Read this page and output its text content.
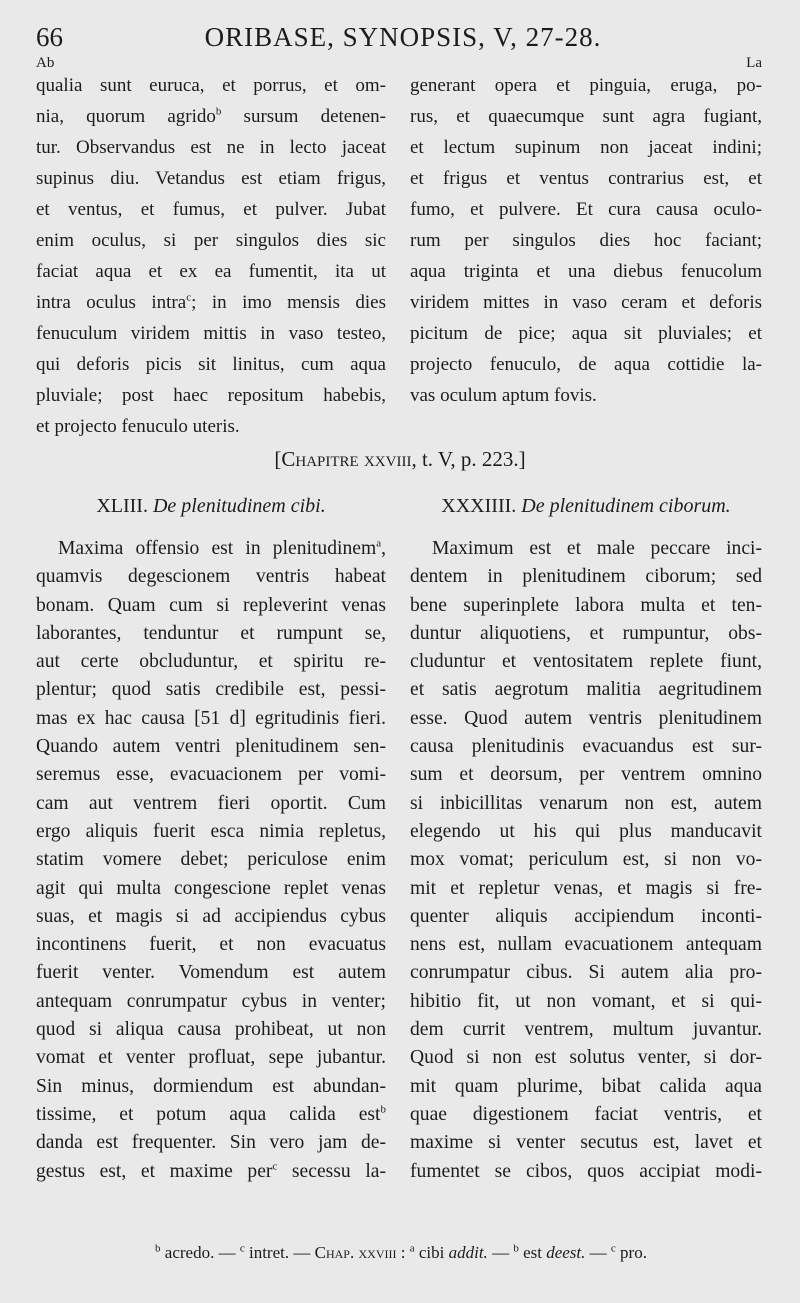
66	ORIBASE, SYNOPSIS, V, 27-28.
Ab	La
qualia sunt euruca, et porrus, et om-
nia, quorum agrido$^b$ sursum detenen-
tur. Observandus est ne in lecto jaceat
supinus diu. Vetandus est etiam frigus,
et ventus, et fumus, et pulver. Jubat
enim oculus, si per singulos dies sic
faciat aqua et ex ea fumentit, ita ut
intra oculus intra$^c$; in imo mensis dies
fenuculum viridem mittis in vaso testeo,
qui deforis picis sit linitus, cum aqua
pluviale; post haec repositum habebis,
et projecto fenuculo uteris.
generant opera et pinguia, eruga, po-
rus, et quaecumque sunt agra fugiant,
et lectum supinum non jaceat indini;
et frigus et ventus contrarius est, et
fumo, et pulvere. Et cura causa oculo-
rum per singulos dies hoc faciant;
aqua triginta et una diebus fenucolum
viridem mittes in vaso ceram et deforis
picitum de pice; aqua sit pluviales; et
projecto fenuculo, de aqua cottidie la-
vas oculum aptum fovis.
[Chapitre xxviii, t. V, p. 223.]
XLIII. De plenitudinem cibi.	XXXIIII. De plenitudinem ciborum.
Maxima offensio est in plenitudinem$^a$,
quamvis degescionem ventris habeat
bonam. Quam cum si repleverint venas
laborantes, tenduntur et rumpunt se,
aut certe obcluduntur, et spiritu re-
plentur; quod satis credibile est, pessi-
mas ex hac causa [51 d] egritudinis fieri.
Quando autem ventri plenitudinem sen-
seremus esse, evacuacionem per vomi-
cam aut ventrem fieri oportit. Cum
ergo aliquis fuerit esca nimia repletus,
statim vomere debet; periculose enim
agit qui multa congescione replet venas
suas, et magis si ad accipiendus cybus
incontinens fuerit, et non evacuatus
fuerit venter. Vomendum est autem
antequam conrumpatur cybus in venter;
quod si aliqua causa prohibeat, ut non
vomat et venter profluat, sepe jubantur.
Sin minus, dormiendum est abundan-
tissime, et potum aqua calida est$^b$
danda est frequenter. Sin vero jam de-
gestus est, et maxime per$^c$ secessu la-
Maximum est et male peccare inci-
dentem in plenitudinem ciborum; sed
bene superinplete labora multa et ten-
duntur aliquotiens, et rumpuntur, obs-
cluduntur et ventositatem replete fiunt,
et satis aegrotum malitia aegritudinem
esse. Quod autem ventris plenitudinem
causa plenitudinis evacuandus est sur-
sum et deorsum, per ventrem omnino
si inbicillitas venarum non est, autem
elegendo ut his qui plus manducavit
mox vomat; periculum est, si non vo-
mit et repletur venas, et magis si fre-
quenter aliquis accipiendum inconti-
nens est, nullam evacuationem antequam
conrumpatur cibus. Si autem alia pro-
hibitio fit, ut non vomant, et si qui-
dem currit ventrem, multum juvantur.
Quod si non est solutus venter, si dor-
mit quam plurime, bibat calida aqua
quae digestionem faciat ventris, et
maxime si venter secutus est, lavet et
fumentet se cibos, quos accipiat modi-
$^b$ acredo. — $^c$ intret. — Chap. xxviii : $^a$ cibi addit. — $^b$ est deest. — $^c$ pro.
